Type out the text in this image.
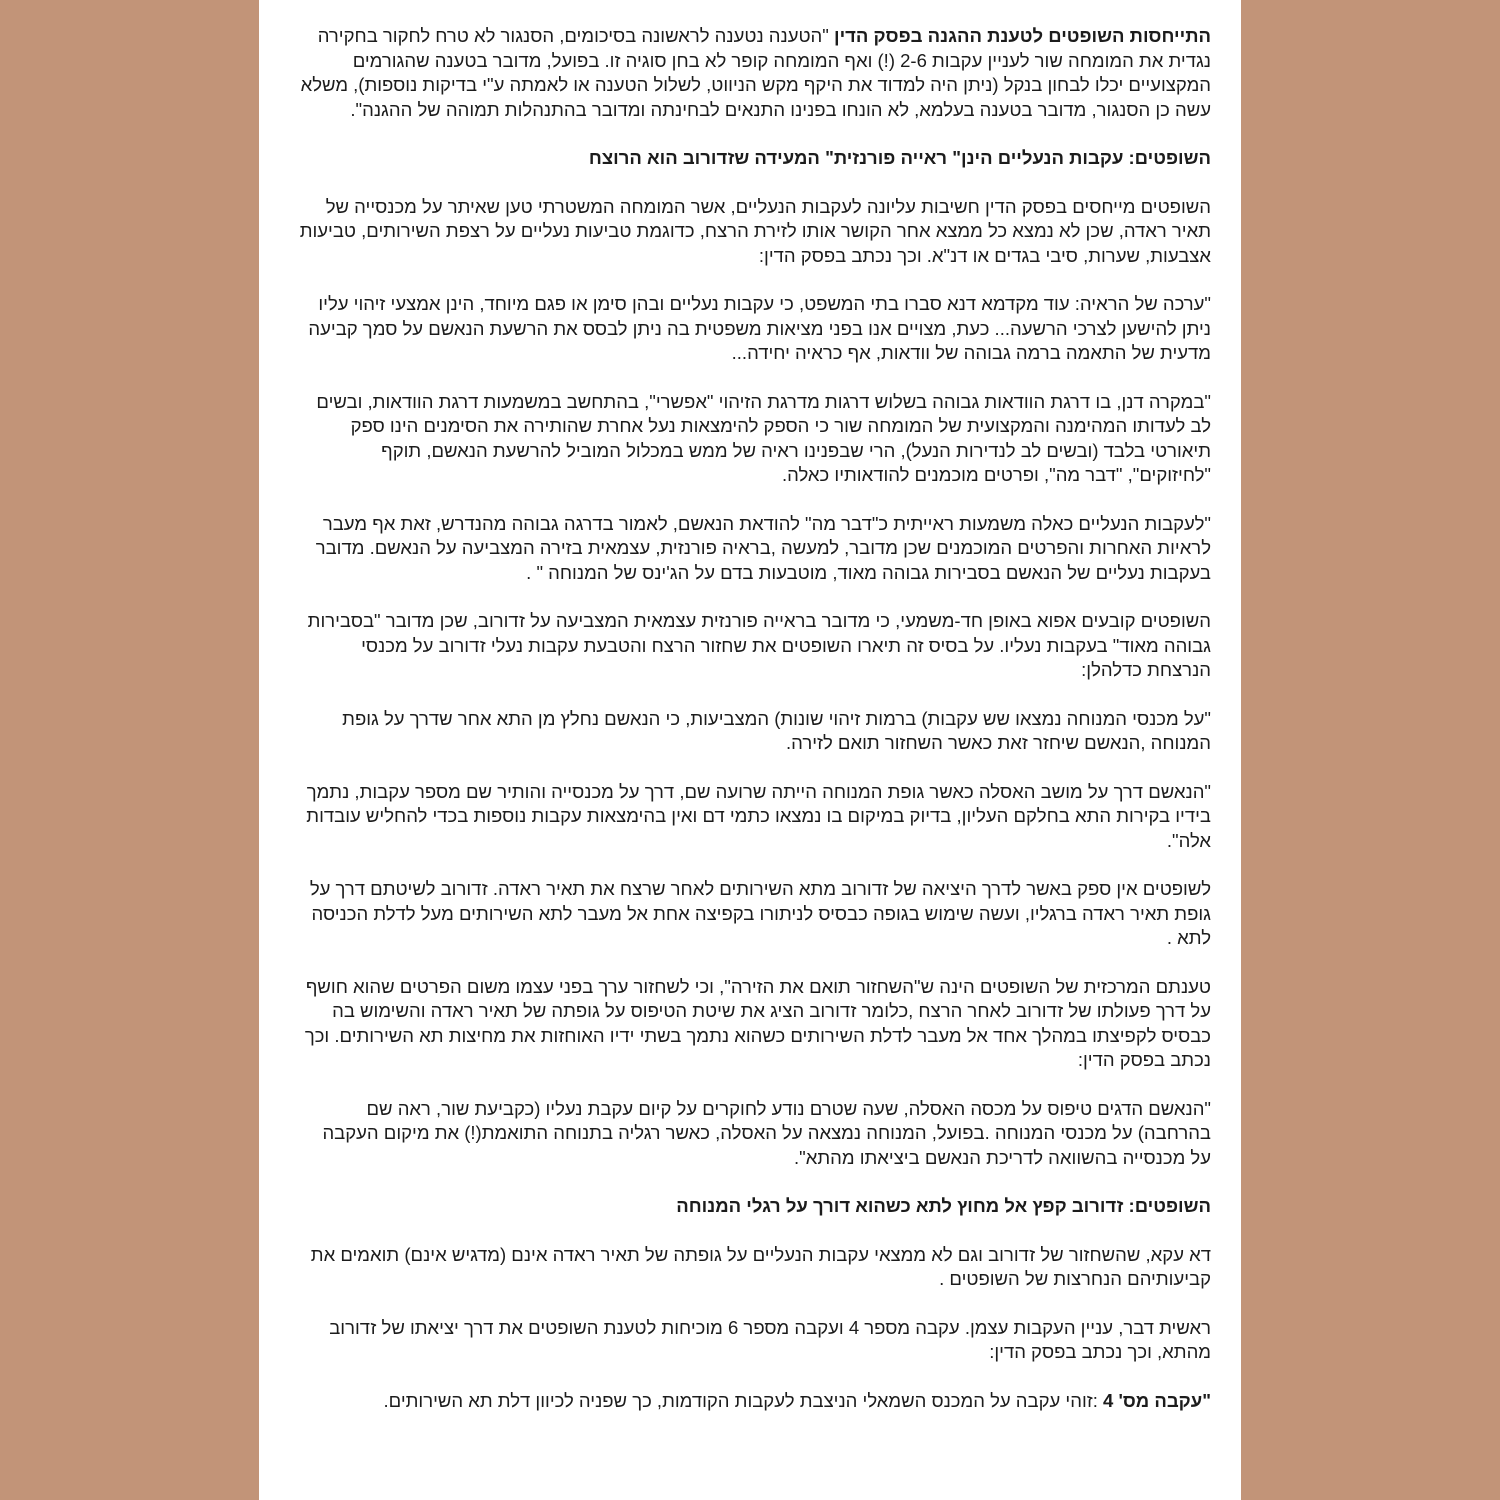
התייחסות השופטים לטענת ההגנה בפסק הדין "הטענה נטענה לראשונה בסיכומים, הסנגור לא טרח לחקור בחקירה נגדית את המומחה שור לעניין עקבות 2-6 (!) ואף המומחה קופר לא בחן סוגיה זו. בפועל, מדובר בטענה שהגורמים המקצועיים יכלו לבחון בנקל (ניתן היה למדוד את היקף מקש הניווט, לשלול הטענה או לאמתה ע"י בדיקות נוספות), משלא עשה כן הסנגור, מדובר בטענה בעלמא, לא הונחו בפנינו התנאים לבחינתה ומדובר בהתנהלות תמוהה של ההגנה".

השופטים: עקבות הנעליים הינן" ראייה פורנזית" המעידה שזדורוב הוא הרוצח

השופטים מייחסים בפסק הדין חשיבות עליונה לעקבות הנעליים, אשר המומחה המשטרתי טען שאיתר על מכנסייה של תאיר ראדה, שכן לא נמצא כל ממצא אחר הקושר אותו לזירת הרצח, כדוגמת טביעות נעליים על רצפת השירותים, טביעות אצבעות, שערות, סיבי בגדים או דנ"א. וכך נכתב בפסק הדין:

"ערכה של הראיה: עוד מקדמא דנא סברו בתי המשפט, כי עקבות נעליים ובהן סימן או פגם מיוחד, הינן אמצעי זיהוי עליו ניתן להישען לצרכי הרשעה... כעת, מצויים אנו בפני מציאות משפטית בה ניתן לבסס את הרשעת הנאשם על סמך קביעה מדעית של התאמה ברמה גבוהה של וודאות, אף כראיה יחידה...

"במקרה דנן, בו דרגת הוודאות גבוהה בשלוש דרגות מדרגת הזיהוי "אפשרי", בהתחשב במשמעות דרגת הוודאות, ובשים לב לעדותו המהימנה והמקצועית של המומחה שור כי הספק להימצאות נעל אחרת שהותירה את הסימנים הינו ספק תיאורטי בלבד (ובשים לב לנדירות הנעל), הרי שבפנינו ראיה של ממש במכלול המוביל להרשעת הנאשם, תוקף "לחיזוקים", "דבר מה", ופרטים מוכמנים להודאותיו כאלה.

"לעקבות הנעליים כאלה משמעות ראייתית כ"דבר מה" להודאת הנאשם, לאמור בדרגה גבוהה מהנדרש, זאת אף מעבר לראיות האחרות והפרטים המוכמנים שכן מדובר, למעשה ,בראיה פורנזית, עצמאית בזירה המצביעה על הנאשם. מדובר בעקבות נעליים של הנאשם בסבירות גבוהה מאוד, מוטבעות בדם על הג'ינס של המנוחה " .

השופטים קובעים אפוא באופן חד-משמעי, כי מדובר בראייה פורנזית עצמאית המצביעה על זדורוב, שכן מדובר "בסבירות גבוהה מאוד" בעקבות נעליו. על בסיס זה תיארו השופטים את שחזור הרצח והטבעת עקבות נעלי זדורוב על מכנסי הנרצחת כדלהלן:

"על מכנסי המנוחה נמצאו שש עקבות) ברמות זיהוי שונות) המצביעות, כי הנאשם נחלץ מן התא אחר שדרך על גופת המנוחה ,הנאשם שיחזר זאת כאשר השחזור תואם לזירה.

"הנאשם דרך על מושב האסלה כאשר גופת המנוחה הייתה שרועה שם, דרך על מכנסייה והותיר שם מספר עקבות, נתמך בידיו בקירות התא בחלקם העליון, בדיוק במיקום בו נמצאו כתמי דם ואין בהימצאות עקבות נוספות בכדי להחליש עובדות אלה".

לשופטים אין ספק באשר לדרך היציאה של זדורוב מתא השירותים לאחר שרצח את תאיר ראדה. זדורוב לשיטתם דרך על גופת תאיר ראדה ברגליו, ועשה שימוש בגופה כבסיס לניתורו בקפיצה אחת אל מעבר לתא השירותים מעל לדלת הכניסה לתא .

טענתם המרכזית של השופטים הינה ש"השחזור תואם את הזירה", וכי לשחזור ערך בפני עצמו משום הפרטים שהוא חושף על דרך פעולתו של זדורוב לאחר הרצח ,כלומר זדורוב הציג את שיטת הטיפוס על גופתה של תאיר ראדה והשימוש בה כבסיס לקפיצתו במהלך אחד אל מעבר לדלת השירותים כשהוא נתמך בשתי ידיו האוחזות את מחיצות תא השירותים. וכך נכתב בפסק הדין:

"הנאשם הדגים טיפוס על מכסה האסלה, שעה שטרם נודע לחוקרים על קיום עקבת נעליו (כקביעת שור, ראה שם בהרחבה) על מכנסי המנוחה .בפועל, המנוחה נמצאה על האסלה, כאשר רגליה בתנוחה התואמת(!) את מיקום העקבה על מכנסייה בהשוואה לדריכת הנאשם ביציאתו מהתא".

השופטים: זדורוב קפץ אל מחוץ לתא כשהוא דורך על רגלי המנוחה

דא עקא, שהשחזור של זדורוב וגם לא ממצאי עקבות הנעליים על גופתה של תאיר ראדה אינם (מדגיש אינם) תואמים את קביעותיהם הנחרצות של השופטים .

ראשית דבר, עניין העקבות עצמן. עקבה מספר 4 ועקבה מספר 6 מוכיחות לטענת השופטים את דרך יציאתו של זדורוב מהתא, וכך נכתב בפסק הדין:

"עקבה מס' 4 :זוהי עקבה על המכנס השמאלי הניצבת לעקבות הקודמות, כך שפניה לכיוון דלת תא השירותים.
